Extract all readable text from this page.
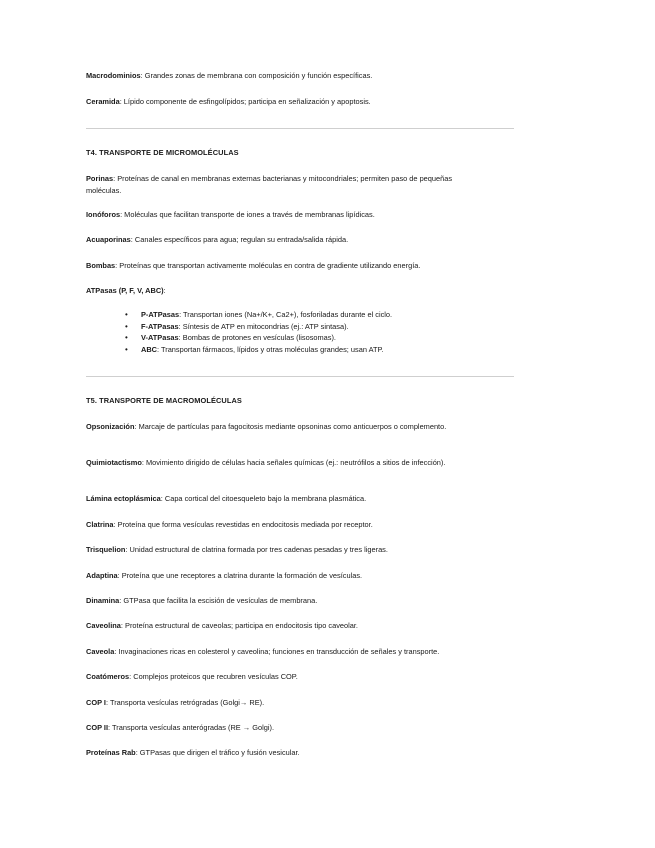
Macrodominios: Grandes zonas de membrana con composición y función específicas.

Ceramida: Lípido componente de esfingolípidos; participa en señalización y apoptosis.

T4. TRANSPORTE DE MICROMOLÉCULAS

Porinas: Proteínas de canal en membranas externas bacterianas y mitocondriales; permiten paso de pequeñas moléculas.

Ionóforos: Moléculas que facilitan transporte de iones a través de membranas lipídicas.

Acuaporinas: Canales específicos para agua; regulan su entrada/salida rápida.

Bombas: Proteínas que transportan activamente moléculas en contra de gradiente utilizando energía.

ATPasas (P, F, V, ABC):

• P-ATPasas: Transportan iones (Na+/K+, Ca2+), fosforiladas durante el ciclo.
• F-ATPasas: Síntesis de ATP en mitocondrias (ej.: ATP sintasa).
• V-ATPasas: Bombas de protones en vesículas (lisosomas).
• ABC: Transportan fármacos, lípidos y otras moléculas grandes; usan ATP.

T5. TRANSPORTE DE MACROMOLÉCULAS

Opsonización: Marcaje de partículas para fagocitosis mediante opsoninas como anticuerpos o complemento.

Quimiotactismo: Movimiento dirigido de células hacia señales químicas (ej.: neutrófilos a sitios de infección).

Lámina ectoplásmica: Capa cortical del citoesqueleto bajo la membrana plasmática.

Clatrina: Proteína que forma vesículas revestidas en endocitosis mediada por receptor.

Trisquelion: Unidad estructural de clatrina formada por tres cadenas pesadas y tres ligeras.

Adaptina: Proteína que une receptores a clatrina durante la formación de vesículas.

Dinamina: GTPasa que facilita la escisión de vesículas de membrana.

Caveolina: Proteína estructural de caveolas; participa en endocitosis tipo caveolar.

Caveola: Invaginaciones ricas en colesterol y caveolina; funciones en transducción de señales y transporte.

Coatómeros: Complejos proteicos que recubren vesículas COP.

COP I: Transporta vesículas retrógradas (Golgi→ RE).

COP II: Transporta vesículas anterógradas (RE → Golgi).

Proteínas Rab: GTPasas que dirigen el tráfico y fusión vesicular.
